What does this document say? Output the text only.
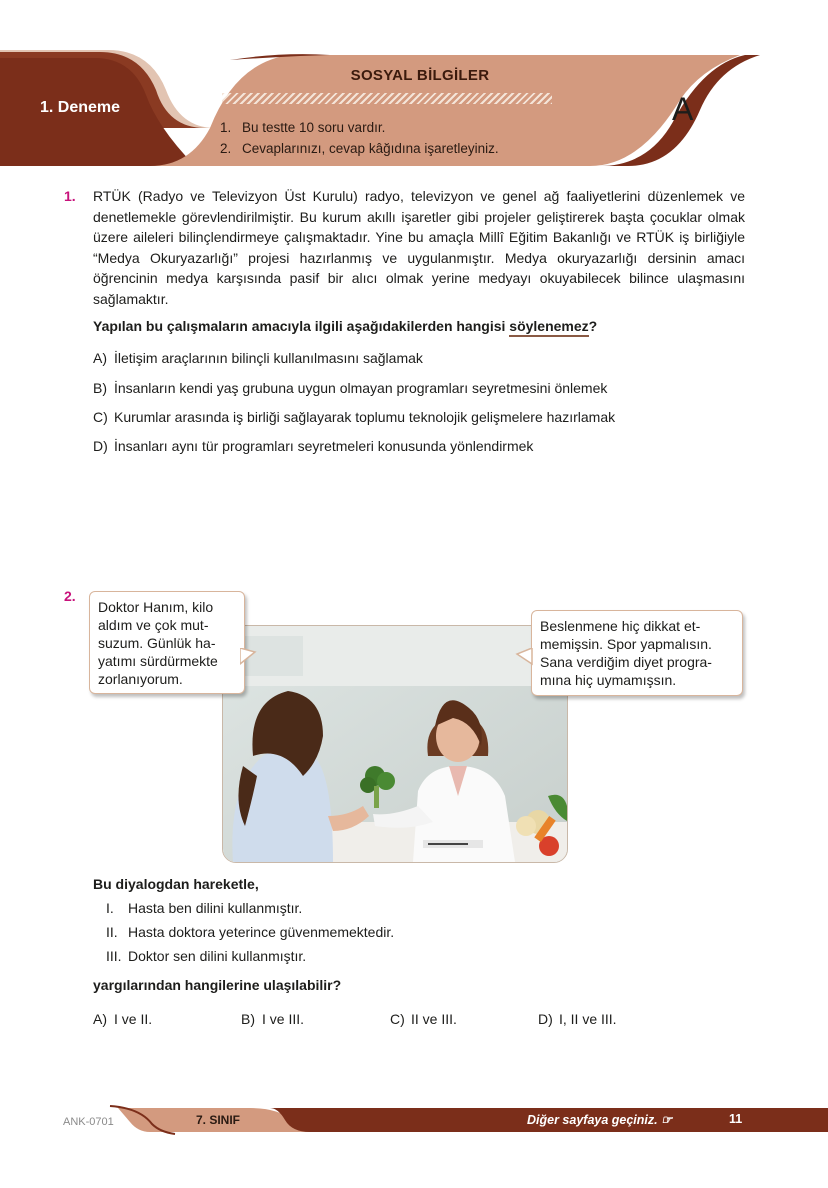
1. Deneme
SOSYAL BİLGİLER
1. Bu testte 10 soru vardır.
2. Cevaplarınızı, cevap kâğıdına işaretleyiniz.
A
1. RTÜK (Radyo ve Televizyon Üst Kurulu) radyo, televizyon ve genel ağ faaliyetlerini düzenlemek ve denetlemekle görevlendirilmiştir. Bu kurum akıllı işaretler gibi projeler geliştirerek başta çocuklar olmak üzere aileleri bilinçlendirmeye çalışmaktadır. Yine bu amaçla Millî Eğitim Bakanlığı ve RTÜK iş birliğiyle “Medya Okuryazarlığı” projesi hazırlanmış ve uygulanmıştır. Medya okuryazarlığı dersinin amacı öğrencinin medya karşısında pasif bir alıcı olmak yerine medyayı okuyabilecek bilince ulaşmasını sağlamaktır.
Yapılan bu çalışmaların amacıyla ilgili aşağıdakilerden hangisi söylenemez?
A) İletişim araçlarının bilinçli kullanılmasını sağlamak
B) İnsanların kendi yaş grubuna uygun olmayan programları seyretmesini önlemek
C) Kurumlar arasında iş birliği sağlayarak toplumu teknolojik gelişmelere hazırlamak
D) İnsanları aynı tür programları seyretmeleri konusunda yönlendirmek
2.
Doktor Hanım, kilo
aldım ve çok mut-
suzum. Günlük ha-
yatımı sürdürmekte
zorlanıyorum.
Beslenmene hiç dikkat et-
memişsin. Spor yapmalısın.
Sana verdiğim diyet progra-
mına hiç uymamışsın.
Bu diyalogdan hareketle,
I. Hasta ben dilini kullanmıştır.
II. Hasta doktora yeterince güvenmemektedir.
III. Doktor sen dilini kullanmıştır.
yargılarından hangilerine ulaşılabilir?
A) I ve II.	B) I ve III.	C) II ve III.	D) I, II ve III.
ANK-0701	7. SINIF	Diğer sayfaya geçiniz. ☞	11
